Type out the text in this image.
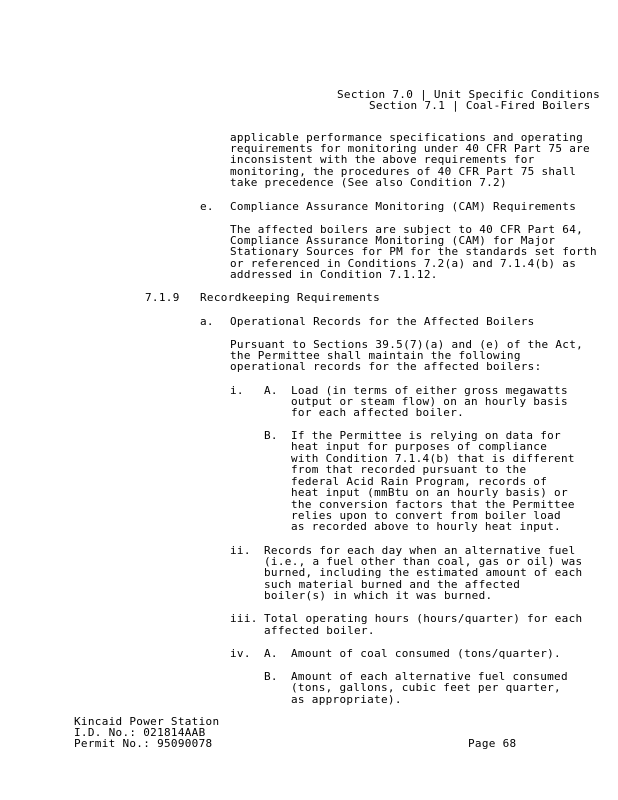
Section 7.0 | Unit Specific Conditions
Section 7.1 | Coal-Fired Boilers
applicable performance specifications and operating
requirements for monitoring under 40 CFR Part 75 are
inconsistent with the above requirements for
monitoring, the procedures of 40 CFR Part 75 shall
take precedence (See also Condition 7.2)
e. Compliance Assurance Monitoring (CAM) Requirements
The affected boilers are subject to 40 CFR Part 64,
Compliance Assurance Monitoring (CAM) for Major
Stationary Sources for PM for the standards set forth
or referenced in Conditions 7.2(a) and 7.1.4(b) as
addressed in Condition 7.1.12.
7.1.9 Recordkeeping Requirements
a. Operational Records for the Affected Boilers
Pursuant to Sections 39.5(7)(a) and (e) of the Act,
the Permittee shall maintain the following
operational records for the affected boilers:
i. A. Load (in terms of either gross megawatts
output or steam flow) on an hourly basis
for each affected boiler.
B. If the Permittee is relying on data for
heat input for purposes of compliance
with Condition 7.1.4(b) that is different
from that recorded pursuant to the
federal Acid Rain Program, records of
heat input (mmBtu on an hourly basis) or
the conversion factors that the Permittee
relies upon to convert from boiler load
as recorded above to hourly heat input.
ii. Records for each day when an alternative fuel
(i.e., a fuel other than coal, gas or oil) was
burned, including the estimated amount of each
such material burned and the affected
boiler(s) in which it was burned.
iii. Total operating hours (hours/quarter) for each
affected boiler.
iv. A. Amount of coal consumed (tons/quarter).
B. Amount of each alternative fuel consumed
(tons, gallons, cubic feet per quarter,
as appropriate).
Kincaid Power Station
I.D. No.: 021814AAB
Permit No.: 95090078	Page 68
